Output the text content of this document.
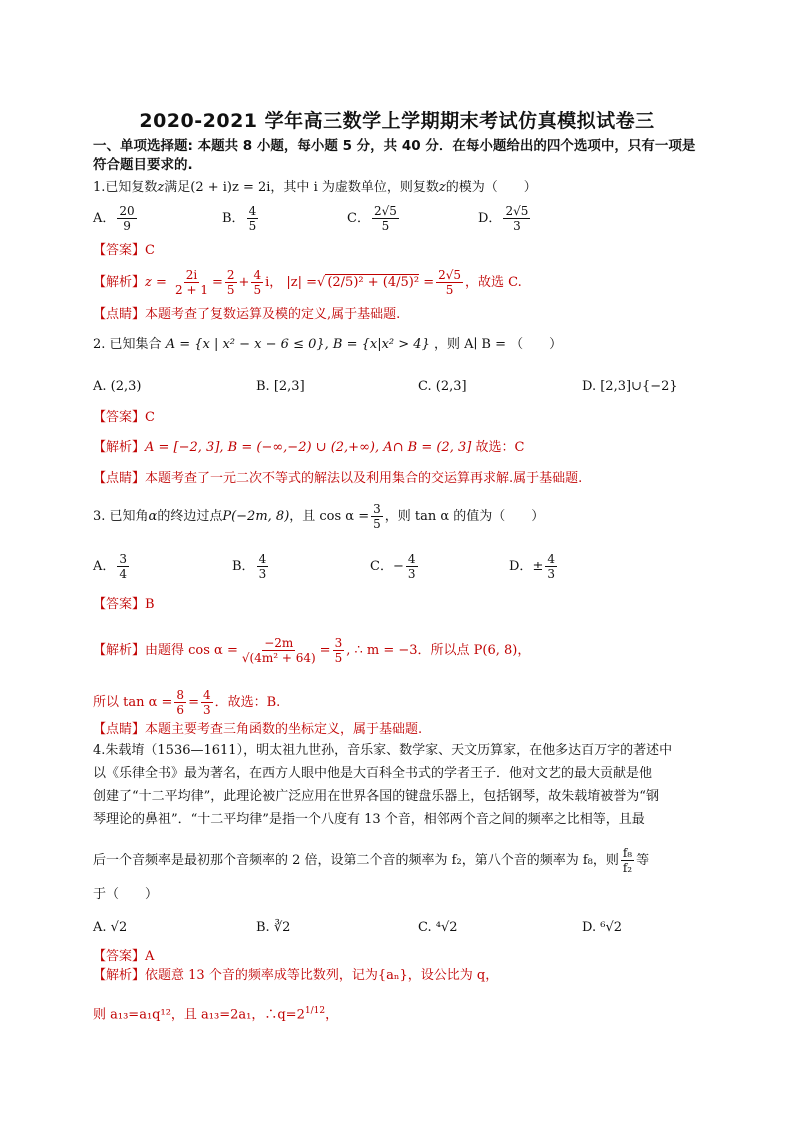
2020-2021 学年高三数学上学期期末考试仿真模拟试卷三
一、单项选择题: 本题共 8 小题，每小题 5 分，共 40 分．在每小题给出的四个选项中，只有一项是
符合题目要求的.
1.已知复数z满足(2 + i)z = 2i，其中 i 为虚数单位，则复数z的模为（　　）
A． $\frac{20}{9}$	B． $\frac{4}{5}$	C． $\frac{2√5}{5}$	D． $\frac{2√5}{3}$
【答案】C
【解析】$z = \frac{2i}{2 + 1} = \frac{2}{5} + \frac{4}{5}$ i， |z| =√ $(2/5)^2 + (4/5)^2 = \frac{2√5}{5}$ ，故选 C.
【点睛】本题考查了复数运算及模的定义,属于基础题.
2. 已知集合 A = {x | x² − x − 6 ≤ 0}, B = {x|x² > 4} ，则 A∣ B = （　　）
A. (2,3)	B. [2,3]	C. (2,3]	D. [2,3]∪{−2}
【答案】C
【解析】A = [−2, 3], B = (−∞,−2) ∪ (2,+∞), A∩ B = (2, 3] 故选：C
【点睛】本题考查了一元二次不等式的解法以及利用集合的交运算再求解.属于基础题.
3. 已知角α的终边过点P(−2m, 8)，且 $\cos \alpha = \frac{3}{5}$ ，则 tan α 的值为（　　）
A． $\frac{3}{4}$	B． $\frac{4}{3}$	C．− $\frac{4}{3}$	D．± $\frac{4}{3}$
【答案】B
【解析】由题得 $\cos \alpha = \frac{-2m}{\text{√(4m² + 64)}} = \frac{3}{5}$ , ∴ m = −3．所以点 P(6, 8)，
所以 $\tan \alpha = \frac{8}{6} = \frac{4}{3}$ ．故选：B.
【点睛】本题主要考查三角函数的坐标定义，属于基础题.
4.朱载堉（1536—1611），明太祖九世孙，音乐家、数学家、天文历算家，在他多达百万字的著述中
以《乐律全书》最为著名，在西方人眼中他是大百科全书式的学者王子．他对文艺的最大贡献是他
创建了“十二平均律”，此理论被广泛应用在世界各国的键盘乐器上，包括钢琴，故朱载堉被誉为“钢
琴理论的鼻祖”．“十二平均律”是指一个八度有 13 个音，相邻两个音之间的频率之比相等，且最
后一个音频率是最初那个音频率的 2 倍，设第二个音的频率为 f₂，第八个音的频率为 f₈，则 $\frac{\text{f₈}}{\text{f₂}}$ 等
于（　　）
A. √2	B. ∛2	C. ⁴√2	D. ⁶√2
【答案】A
【解析】依题意 13 个音的频率成等比数列，记为{aₙ}，设公比为 q，
则 a₁₃=a₁q¹²，且 a₁₃=2a₁，$\therefore q=2^{1/12}$，
